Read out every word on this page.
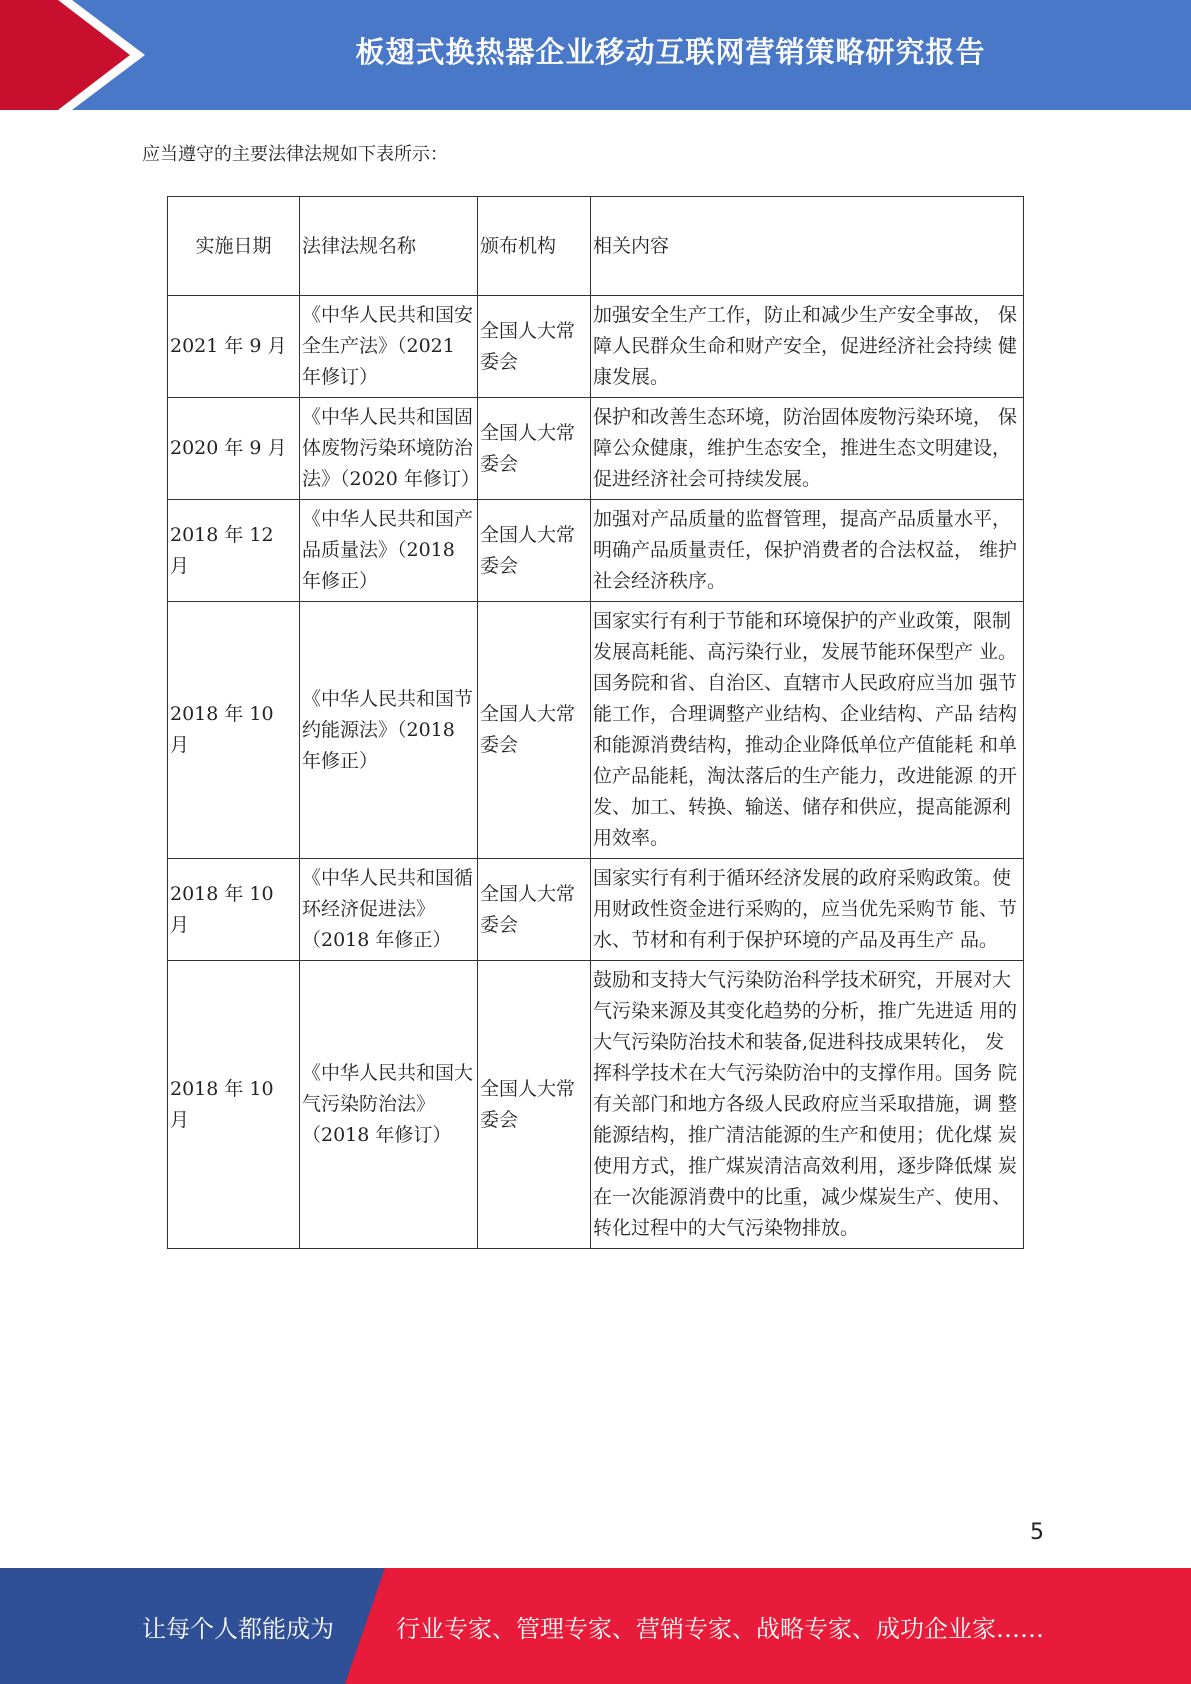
板翅式换热器企业移动互联网营销策略研究报告
应当遵守的主要法律法规如下表所示：
实施日期	法律法规名称	颁布机构	相关内容
2021 年 9 月	《中华人民共和国安全生产法》（2021 年修订）	全国人大常委会	加强安全生产工作，防止和减少生产安全事故， 保障人民群众生命和财产安全，促进经济社会持续 健康发展。
2020 年 9 月	《中华人民共和国固体废物污染环境防治法》（2020 年修订）	全国人大常委会	保护和改善生态环境，防治固体废物污染环境， 保障公众健康，维护生态安全，推进生态文明建设， 促进经济社会可持续发展。
2018 年 12 月	《中华人民共和国产品质量法》（2018 年修正）	全国人大常委会	加强对产品质量的监督管理，提高产品质量水平，明确产品质量责任，保护消费者的合法权益， 维护社会经济秩序。
2018 年 10 月	《中华人民共和国节约能源法》（2018 年修正）	全国人大常委会	国家实行有利于节能和环境保护的产业政策，限制发展高耗能、高污染行业，发展节能环保型产 业。国务院和省、自治区、直辖市人民政府应当加 强节能工作，合理调整产业结构、企业结构、产品 结构和能源消费结构，推动企业降低单位产值能耗 和单位产品能耗，淘汰落后的生产能力，改进能源 的开发、加工、转换、输送、储存和供应，提高能源利用效率。
2018 年 10 月	《中华人民共和国循环经济促进法》（2018 年修正）	全国人大常委会	国家实行有利于循环经济发展的政府采购政策。使用财政性资金进行采购的，应当优先采购节 能、节水、节材和有利于保护环境的产品及再生产 品。
2018 年 10 月	《中华人民共和国大气污染防治法》（2018 年修订）	全国人大常委会	鼓励和支持大气污染防治科学技术研究，开展对大气污染来源及其变化趋势的分析，推广先进适 用的大气污染防治技术和装备,促进科技成果转化， 发挥科学技术在大气污染防治中的支撑作用。国务 院有关部门和地方各级人民政府应当采取措施，调 整能源结构，推广清洁能源的生产和使用；优化煤 炭使用方式，推广煤炭清洁高效利用，逐步降低煤 炭在一次能源消费中的比重，减少煤炭生产、使用、 转化过程中的大气污染物排放。
5
让每个人都能成为	行业专家、管理专家、营销专家、战略专家、成功企业家……
